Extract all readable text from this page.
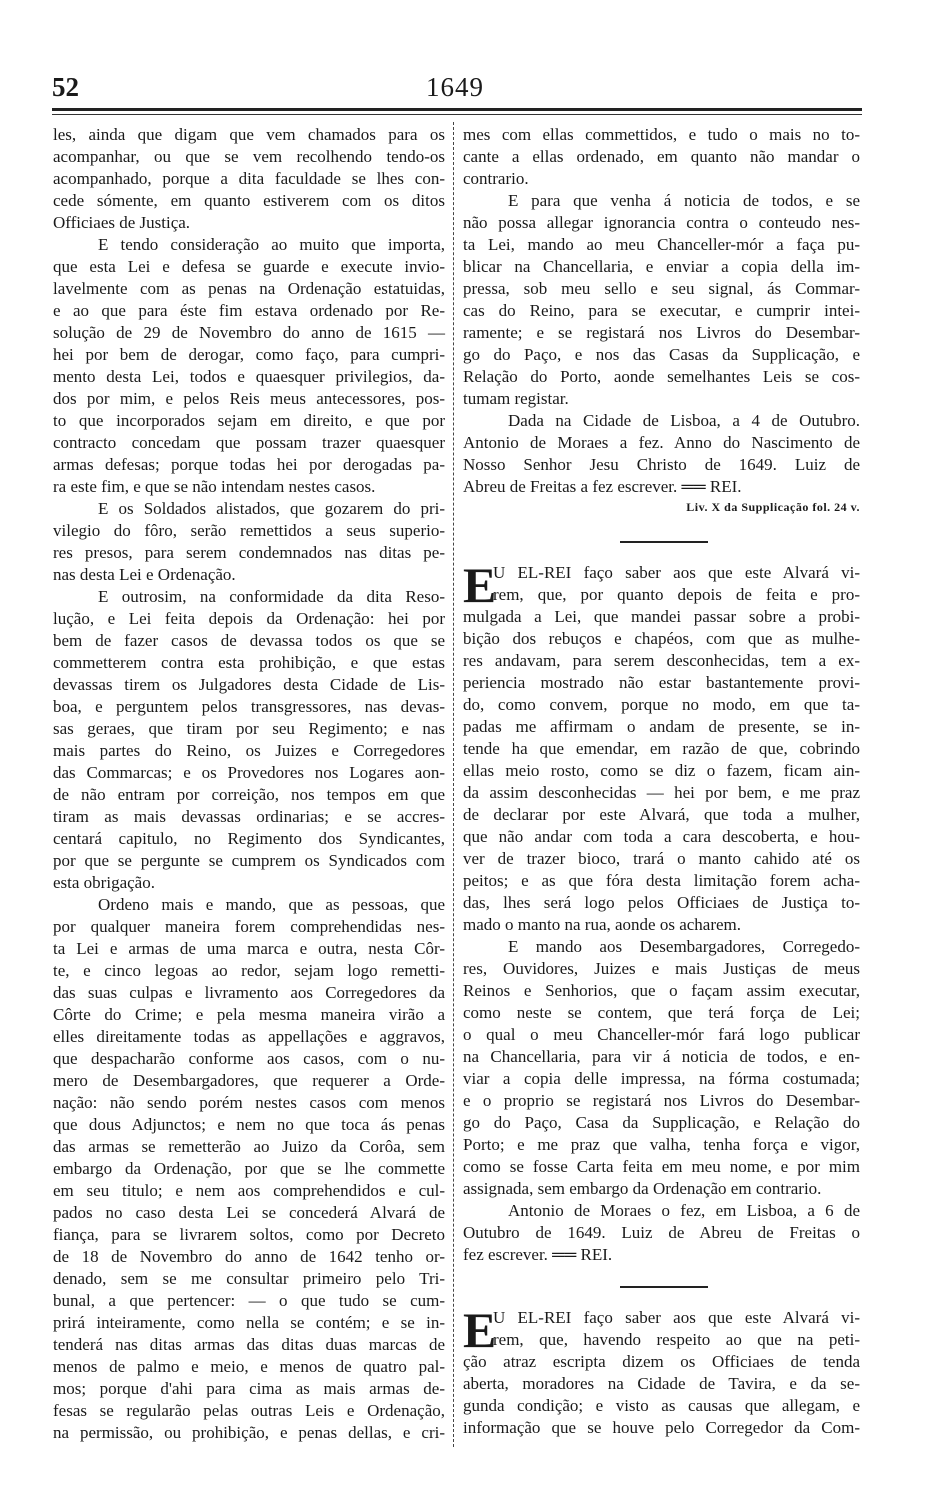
52	1649
les, ainda que digam que vem chamados para os
acompanhar, ou que se vem recolhendo tendo-os
acompanhado, porque a dita faculdade se lhes con-
cede sómente, em quanto estiverem com os ditos
Officiaes de Justiça.
E tendo consideração ao muito que importa,
que esta Lei e defesa se guarde e execute invio-
lavelmente com as penas na Ordenação estatuidas,
e ao que para éste fim estava ordenado por Re-
solução de 29 de Novembro do anno de 1615 —
hei por bem de derogar, como faço, para cumpri-
mento desta Lei, todos e quaesquer privilegios, da-
dos por mim, e pelos Reis meus antecessores, pos-
to que incorporados sejam em direito, e que por
contracto concedam que possam trazer quaesquer
armas defesas; porque todas hei por derogadas pa-
ra este fim, e que se não intendam nestes casos.
E os Soldados alistados, que gozarem do pri-
vilegio do fôro, serão remettidos a seus superio-
res presos, para serem condemnados nas ditas pe-
nas desta Lei e Ordenação.
E outrosim, na conformidade da dita Reso-
lução, e Lei feita depois da Ordenação: hei por
bem de fazer casos de devassa todos os que se
commetterem contra esta prohibição, e que estas
devassas tirem os Julgadores desta Cidade de Lis-
boa, e perguntem pelos transgressores, nas devas-
sas geraes, que tiram por seu Regimento; e nas
mais partes do Reino, os Juizes e Corregedores
das Commarcas; e os Provedores nos Logares aon-
de não entram por correição, nos tempos em que
tiram as mais devassas ordinarias; e se accres-
centará capitulo, no Regimento dos Syndicantes,
por que se pergunte se cumprem os Syndicados com
esta obrigação.
Ordeno mais e mando, que as pessoas, que
por qualquer maneira forem comprehendidas nes-
ta Lei e armas de uma marca e outra, nesta Côr-
te, e cinco legoas ao redor, sejam logo remetti-
das suas culpas e livramento aos Corregedores da
Côrte do Crime; e pela mesma maneira virão a
elles direitamente todas as appellações e aggravos,
que despacharão conforme aos casos, com o nu-
mero de Desembargadores, que requerer a Orde-
nação: não sendo porém nestes casos com menos
que dous Adjunctos; e nem no que toca ás penas
das armas se remetterão ao Juizo da Corôa, sem
embargo da Ordenação, por que se lhe commette
em seu titulo; e nem aos comprehendidos e cul-
pados no caso desta Lei se concederá Alvará de
fiança, para se livrarem soltos, como por Decreto
de 18 de Novembro do anno de 1642 tenho or-
denado, sem se me consultar primeiro pelo Tri-
bunal, a que pertencer: — o que tudo se cum-
prirá inteiramente, como nella se contém; e se in-
tenderá nas ditas armas das ditas duas marcas de
menos de palmo e meio, e menos de quatro pal-
mos; porque d'ahi para cima as mais armas de-
fesas se regularão pelas outras Leis e Ordenação,
na permissão, ou prohibição, e penas dellas, e cri-
mes com ellas commettidos, e tudo o mais no to-
cante a ellas ordenado, em quanto não mandar o
contrario.
E para que venha á noticia de todos, e se
não possa allegar ignorancia contra o conteudo nes-
ta Lei, mando ao meu Chanceller-mór a faça pu-
blicar na Chancellaria, e enviar a copia della im-
pressa, sob meu sello e seu signal, ás Commar-
cas do Reino, para se executar, e cumprir intei-
ramente; e se registará nos Livros do Desembar-
go do Paço, e nos das Casas da Supplicação, e
Relação do Porto, aonde semelhantes Leis se cos-
tumam registar.
Dada na Cidade de Lisboa, a 4 de Outubro.
Antonio de Moraes a fez. Anno do Nascimento de
Nosso Senhor Jesu Christo de 1649. Luiz de
Abreu de Freitas a fez escrever. ══ REI.
Liv. X da Supplicação fol. 24 v.
E
U EL-REI faço saber aos que este Alvará vi-
rem, que, por quanto depois de feita e pro-
mulgada a Lei, que mandei passar sobre a probi-
bição dos rebuços e chapéos, com que as mulhe-
res andavam, para serem desconhecidas, tem a ex-
periencia mostrado não estar bastantemente provi-
do, como convem, porque no modo, em que ta-
padas me affirmam o andam de presente, se in-
tende ha que emendar, em razão de que, cobrindo
ellas meio rosto, como se diz o fazem, ficam ain-
da assim desconhecidas — hei por bem, e me praz
de declarar por este Alvará, que toda a mulher,
que não andar com toda a cara descoberta, e hou-
ver de trazer bioco, trará o manto cahido até os
peitos; e as que fóra desta limitação forem acha-
das, lhes será logo pelos Officiaes de Justiça to-
mado o manto na rua, aonde os acharem.
E mando aos Desembargadores, Corregedo-
res, Ouvidores, Juizes e mais Justiças de meus
Reinos e Senhorios, que o façam assim executar,
como neste se contem, que terá força de Lei;
o qual o meu Chanceller-mór fará logo publicar
na Chancellaria, para vir á noticia de todos, e en-
viar a copia delle impressa, na fórma costumada;
e o proprio se registará nos Livros do Desembar-
go do Paço, Casa da Supplicação, e Relação do
Porto; e me praz que valha, tenha força e vigor,
como se fosse Carta feita em meu nome, e por mim
assignada, sem embargo da Ordenação em contrario.
Antonio de Moraes o fez, em Lisboa, a 6 de
Outubro de 1649. Luiz de Abreu de Freitas o
fez escrever. ══ REI.
E
U EL-REI faço saber aos que este Alvará vi-
rem, que, havendo respeito ao que na peti-
ção atraz escripta dizem os Officiaes de tenda
aberta, moradores na Cidade de Tavira, e da se-
gunda condição; e visto as causas que allegam, e
informação que se houve pelo Corregedor da Com-
